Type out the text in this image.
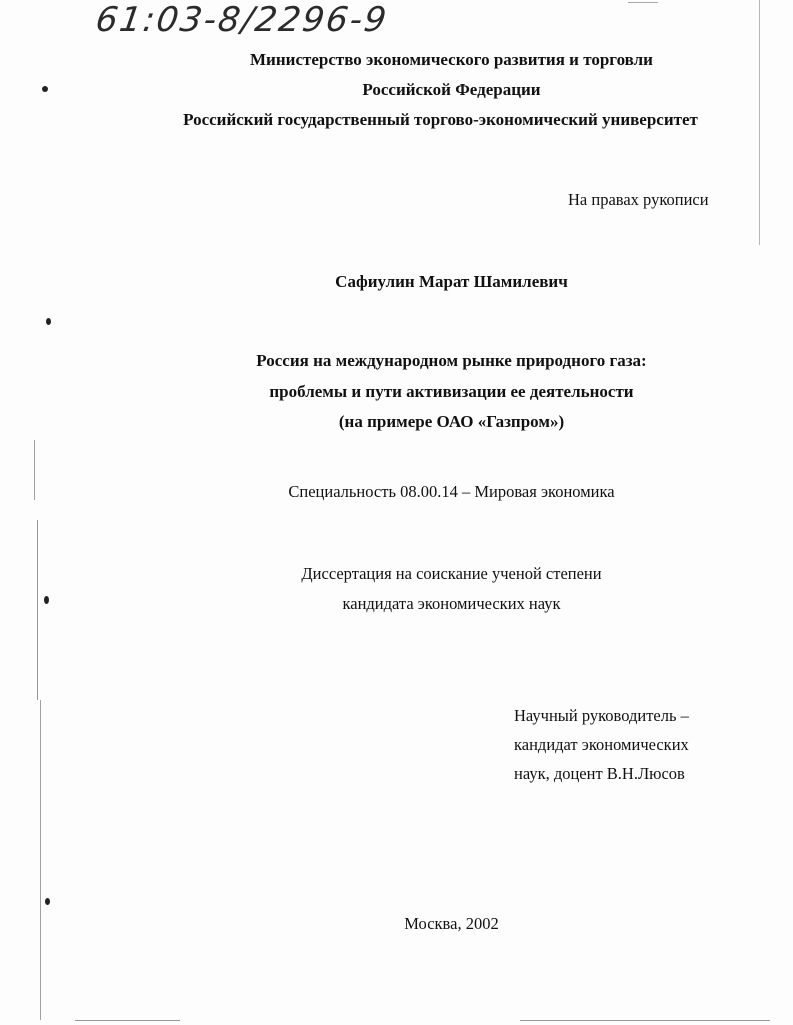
61:03-8/2296-9
Министерство экономического развития и торговли
Российской Федерации
Российский государственный торгово-экономический университет
На правах рукописи
Сафиулин Марат Шамилевич
Россия на международном рынке природного газа:
проблемы и пути активизации ее деятельности
(на примере ОАО «Газпром»)
Специальность 08.00.14 – Мировая экономика
Диссертация на соискание ученой степени
кандидата экономических наук
Научный руководитель –
кандидат экономических
наук, доцент В.Н.Люсов
Москва, 2002
